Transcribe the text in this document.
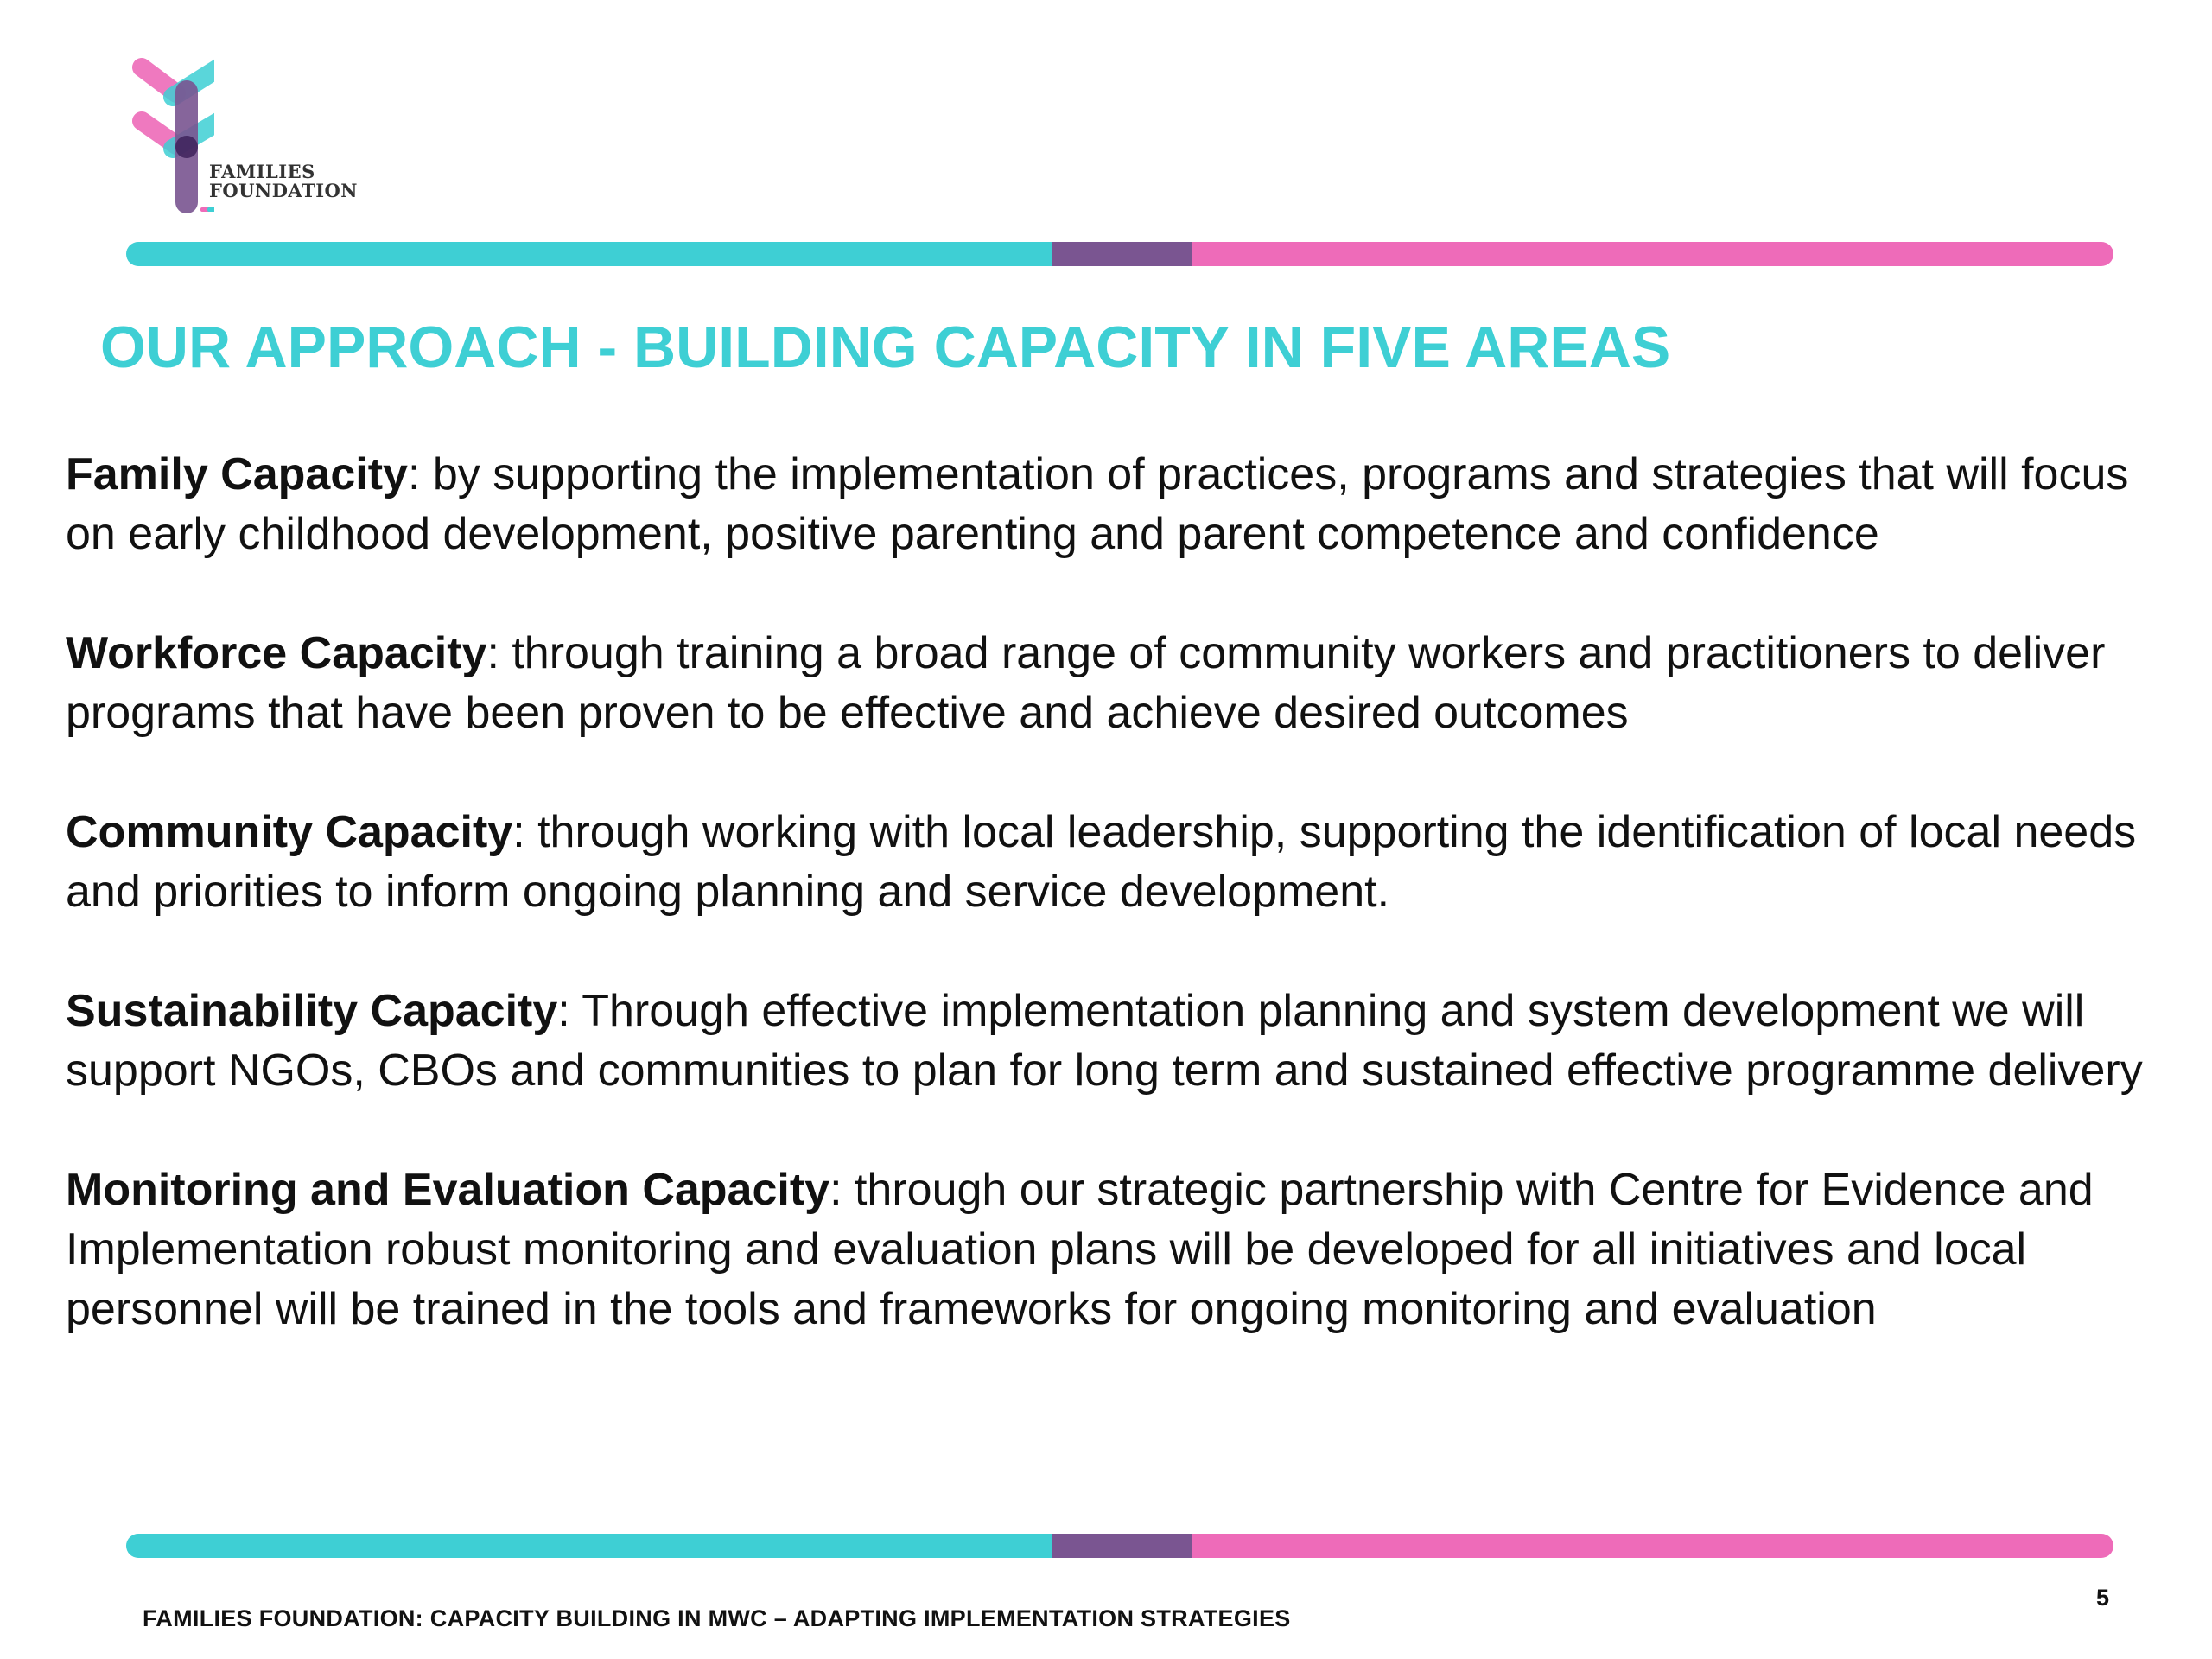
FAMILIES
FOUNDATION
OUR APPROACH - BUILDING CAPACITY IN FIVE AREAS

Family Capacity: by supporting the implementation of practices, programs and strategies that will focus on early childhood development, positive parenting and parent competence and confidence

Workforce Capacity: through training a broad range of community workers and practitioners to deliver programs that have been proven to be effective and achieve desired outcomes

Community Capacity: through working with local leadership, supporting the identification of local needs and priorities to inform ongoing planning and service development.

Sustainability Capacity: Through effective implementation planning and system development we will support NGOs, CBOs and communities to plan for long term and sustained effective programme delivery

Monitoring and Evaluation Capacity: through our strategic partnership with Centre for Evidence and Implementation robust monitoring and evaluation plans will be developed for all initiatives and local personnel will be trained in the tools and frameworks for ongoing monitoring and evaluation

FAMILIES FOUNDATION: CAPACITY BUILDING IN MWC – ADAPTING IMPLEMENTATION STRATEGIES
5
